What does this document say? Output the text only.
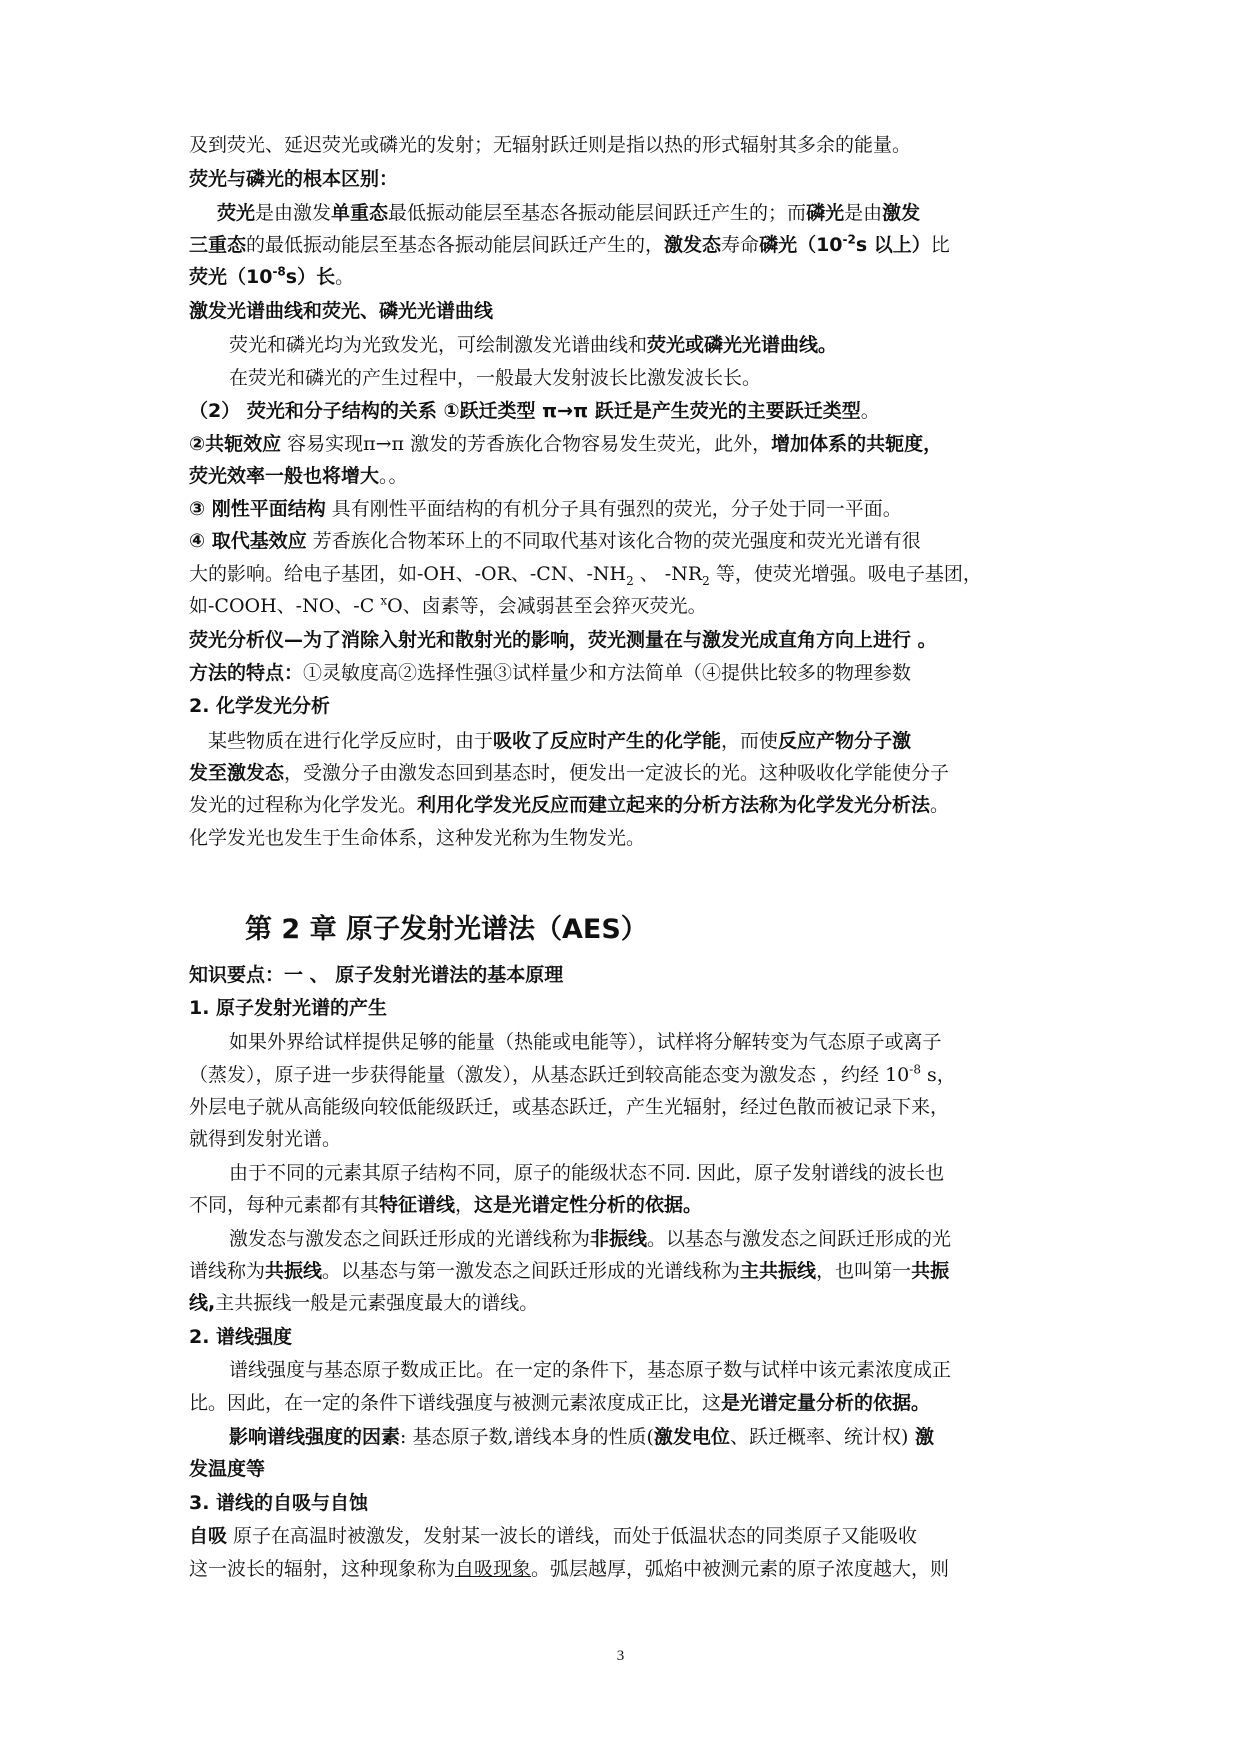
及到荧光、延迟荧光或磷光的发射；无辐射跃迁则是指以热的形式辐射其多余的能量。
荧光与磷光的根本区别：
荧光是由激发单重态最低振动能层至基态各振动能层间跃迁产生的；而磷光是由激发
三重态的最低振动能层至基态各振动能层间跃迁产生的，激发态寿命磷光（$10^{-2}s$ 以上）比
荧光$(10^{-8}s)$长。
激发光谱曲线和荧光、磷光光谱曲线
荧光和磷光均为光致发光，可绘制激发光谱曲线和荧光或磷光光谱曲线。
在荧光和磷光的产生过程中，一般最大发射波长比激发波长长。
（2） 荧光和分子结构的关系 ①跃迁类型 π→π 跃迁是产生荧光的主要跃迁类型。
②共轭效应 容易实现π→π 激发的芳香族化合物容易发生荧光，此外，增加体系的共轭度，
荧光效率一般也将增大。。
③ 刚性平面结构 具有刚性平面结构的有机分子具有强烈的荧光，分子处于同一平面。
④ 取代基效应 芳香族化合物苯环上的不同取代基对该化合物的荧光强度和荧光光谱有很
大的影响。给电子基团，如-OH、-OR、-CN、$-NH_2$ 、 $-NR_2$ 等，使荧光增强。吸电子基团，
如-COOH、-NO、-C $^x$O、卤素等，会减弱甚至会猝灭荧光。
荧光分析仪—为了消除入射光和散射光的影响，荧光测量在与激发光成直角方向上进行 。
方法的特点：①灵敏度高②选择性强③试样量少和方法简单（④提供比较多的物理参数
2. 化学发光分析
某些物质在进行化学反应时，由于吸收了反应时产生的化学能，而使反应产物分子激
发至激发态，受激分子由激发态回到基态时，便发出一定波长的光。这种吸收化学能使分子
发光的过程称为化学发光。利用化学发光反应而建立起来的分析方法称为化学发光分析法。
化学发光也发生于生命体系，这种发光称为生物发光。
第 2 章 原子发射光谱法（AES）
知识要点：一 、 原子发射光谱法的基本原理
1. 原子发射光谱的产生
如果外界给试样提供足够的能量（热能或电能等），试样将分解转变为气态原子或离子
（蒸发），原子进一步获得能量（激发），从基态跃迁到较高能态变为激发态 ，约经 $10^{-8}$ s，
外层电子就从高能级向较低能级跃迁，或基态跃迁，产生光辐射，经过色散而被记录下来，
就得到发射光谱。
由于不同的元素其原子结构不同，原子的能级状态不同. 因此，原子发射谱线的波长也
不同，每种元素都有其特征谱线，这是光谱定性分析的依据。
激发态与激发态之间跃迁形成的光谱线称为非振线。以基态与激发态之间跃迁形成的光
谱线称为共振线。以基态与第一激发态之间跃迁形成的光谱线称为主共振线，也叫第一共振
线,主共振线一般是元素强度最大的谱线。
2. 谱线强度
谱线强度与基态原子数成正比。在一定的条件下，基态原子数与试样中该元素浓度成正
比。因此，在一定的条件下谱线强度与被测元素浓度成正比，这是光谱定量分析的依据。
影响谱线强度的因素: 基态原子数,谱线本身的性质(激发电位、跃迁概率、统计权) 激
发温度等
3. 谱线的自吸与自蚀
自吸 原子在高温时被激发，发射某一波长的谱线，而处于低温状态的同类原子又能吸收
这一波长的辐射，这种现象称为自吸现象。弧层越厚，弧焰中被测元素的原子浓度越大，则
3
